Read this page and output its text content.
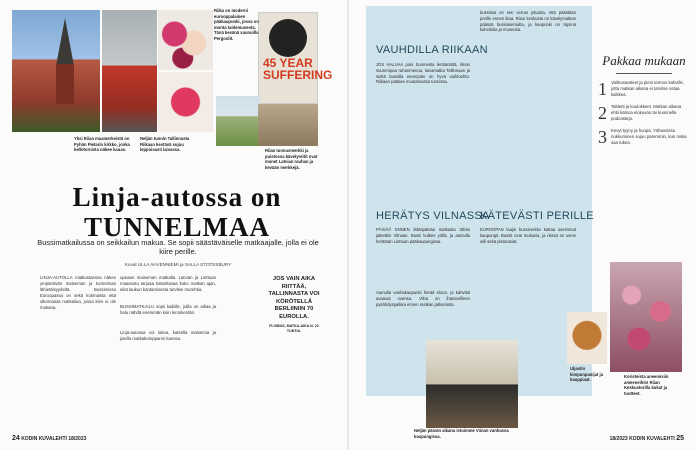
45 YEAR SUFFERING
Yksi Riian maamerkeistä on Pyhän Pietarin kirkko, jonka kellotornista näkee kauas.
Neljän tunnin Tallinnasta Riikaan kestävä sujuu leppoisasti laivassa.
Riika on moderni eurooppalainen pääkaupunki, jossa on monta taidemuseota. Tänä kesänä vaunuilla Pergoolit.
Riian tunnusmerkki ja puistossa kävelyreitit ovat monet Latvian rauhan ja kevään merkkejä.
Linja-autossa on TUNNELMAA
Bussimatkailussa on seikkailun makua. Se sopii säästäväiselle matkaajalle, jolla ei ole kiire perille.
Kuvat ULLA AHVENNIEMI ja SALLA STOTESBURY
LINJA-AUTOLLA matkustaessa näkee ympäröivän maiseman ja tunnelman lähietäisyydeltä. Bussireissu Euroopassa on sekä kotimaista että ulkomaista matkailua, jossa kiire ei ole mukana.
upeaan maiseman matkalla. Latvian ja Liettuan maaseutu tarjoaa katseltavaa koko matkan ajan, eikä laukun kantamisesta tarvitse murehtia.
BUSSIMATKAILU sopii kaikille, joilla on aikaa ja halu nähdä enemmän kuin lentokentän.
Linja-autossa voi lukea, katsella maisemia ja jutella matkakumppanin kanssa.
JOS VAIN AIKA RIITTÄÄ, TALLINNASTA VOI KÖRÖTELLÄ BERLIINIIN 70 EUROLLA.
FLIXBUS, MATKA-AIKA N. 22 TUNTIA.
bussissa on sen verran pituutta, että päästään perille ennen iltaa. Riian keskusta on kävelymatkan päässä bussiasemalta, ja kaupunki on täynnä kahviloita ja museoita.
VAUHDILLA RIIKAAN
JOS HALUAA pois Suomesta lentämättä, ilman suurempaa rahanmenoa, laivamatka Tallinnaan ja sieltä bussilla eteenpäin on hyvä vaihtoehto. Riikaan pääsee muutamassa tunnissa.
HERÄTYS VILNASSA
PÄIVÄÄ ENNEN lähtöpäivää matkasta tähän jatkettiin Vilnaan. Bussi kulkee yöllä, ja aamulla herätään Liettuan pääkaupungissa.
Aamulla vanhakaupunki herää eloon, ja kahvilat avaavat ovensa. Vilna on ihanteellinen pysähdyspaikka ennen matkan jatkamista.
KÄTEVÄSTI PERILLE
EUROOPAN laajin bussiverkko kattaa useimmat kaupungit. Bussit ovat mukavia, ja niissä on usein wifi sekä pistorasiat.
Pakkaa mukaan
1 Vaihtovaatteet ja pieni termos kahville, jotta matkan aikana ei tarvitse ostaa kaikkea.
2 Tabletti ja kuulokkeet. Matkan aikana ehtii katsoa elokuvan tai kuunnella podcasteja.
3 Kevyt tyyny ja huopa. Yöbussissa nukkuminen sujuu paremmin, kun niska saa tukea.
Uljastin kimpunpanijat ja kauppiaat.
Koristeista aneemisiin ameeneihin! Riian Keskustorilla kukat ja tuotteet.
Neljän päivän aikana istuimme Viinan vanhassa kaupungissa.
24 KODIN KUVALEHTI 18/2023	18/2023 KODIN KUVALEHTI 25
